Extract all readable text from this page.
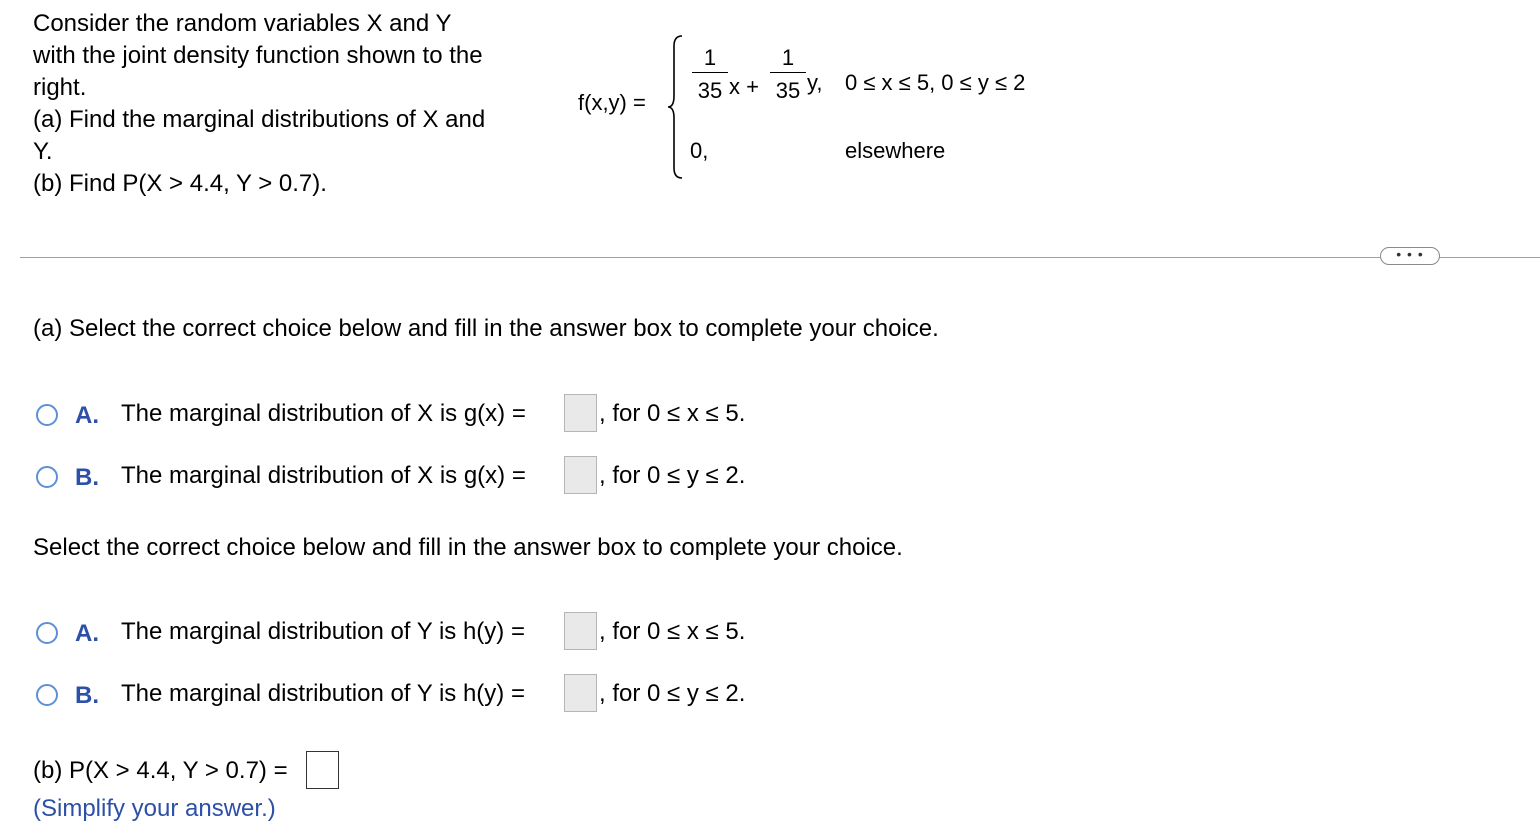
Consider the random variables X and Y
with the joint density function shown to the
right.
(a) Find the marginal distributions of X and
Y.
(b) Find P(X > 4.4, Y > 0.7).
$f(x,y) = \frac{1}{35}$ $x + \frac{1}{35} y$, 0 ≤ x ≤ 5, 0 ≤ y ≤ 2
0,	elsewhere
• • •
(a) Select the correct choice below and fill in the answer box to complete your choice.
A. The marginal distribution of X is g(x) =	, for 0 ≤ x ≤ 5.
B. The marginal distribution of X is g(x) =	, for 0 ≤ y ≤ 2.
Select the correct choice below and fill in the answer box to complete your choice.
A. The marginal distribution of Y is h(y) =	, for 0 ≤ x ≤ 5.
B. The marginal distribution of Y is h(y) =	, for 0 ≤ y ≤ 2.
(b) P(X > 4.4, Y > 0.7) =
(Simplify your answer.)
